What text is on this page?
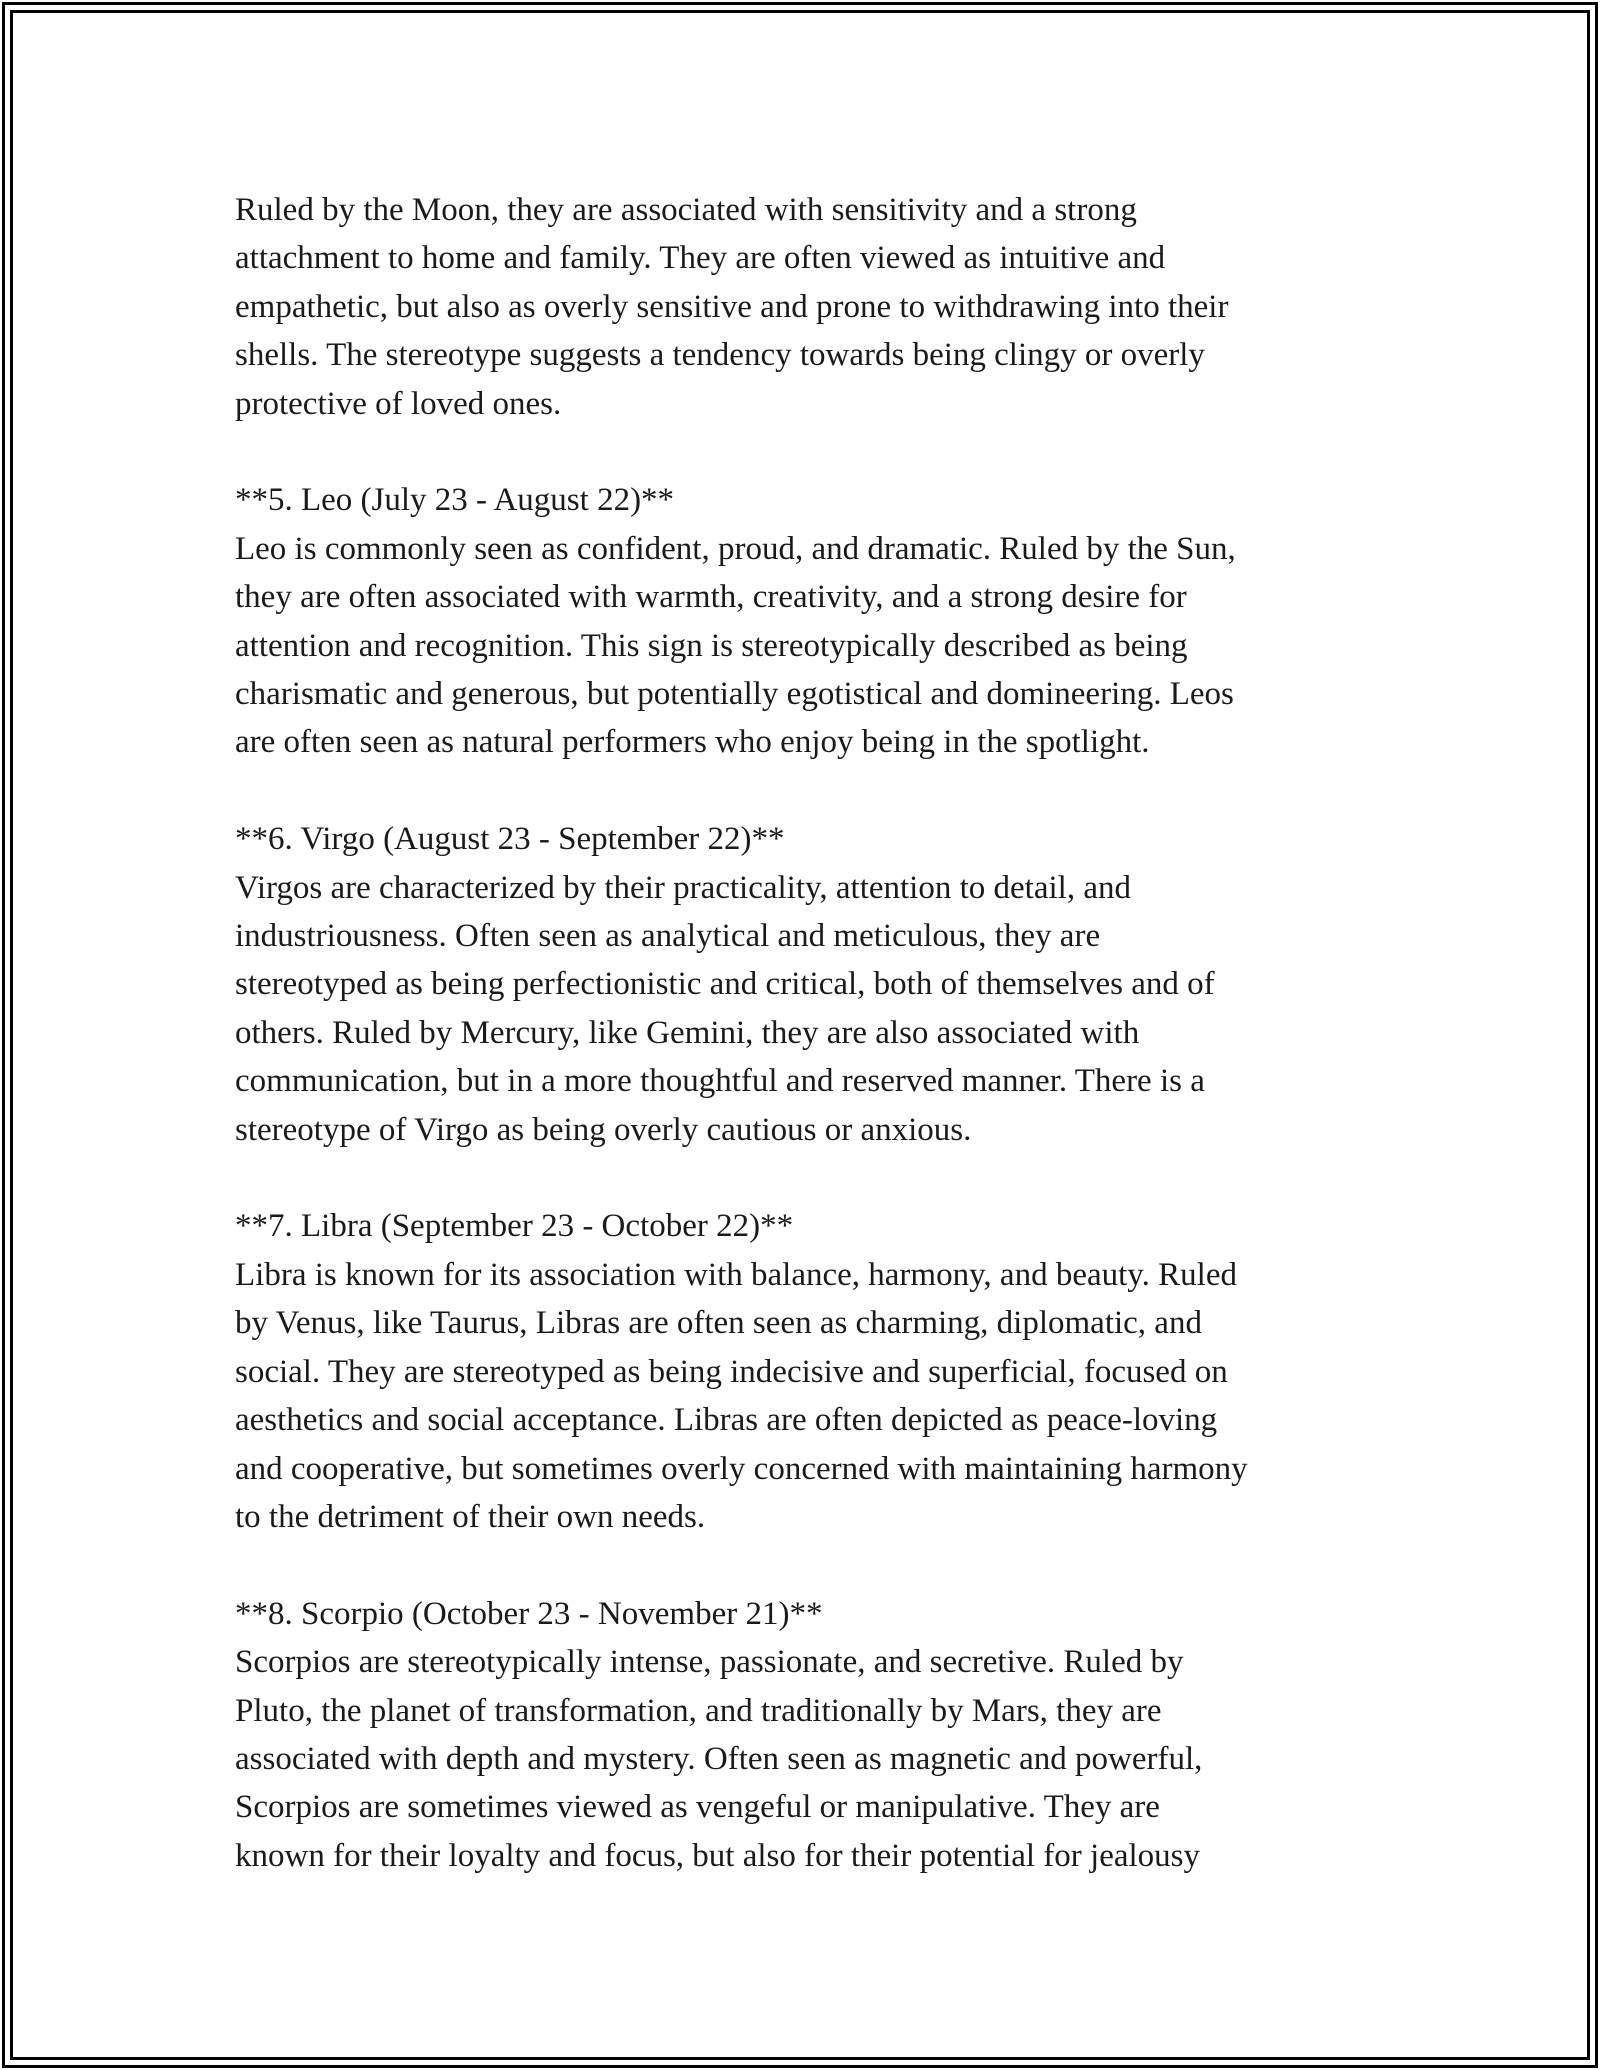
Ruled by the Moon, they are associated with sensitivity and a strong
attachment to home and family. They are often viewed as intuitive and
empathetic, but also as overly sensitive and prone to withdrawing into their
shells. The stereotype suggests a tendency towards being clingy or overly
protective of loved ones.

**5. Leo (July 23 - August 22)**

Leo is commonly seen as confident, proud, and dramatic. Ruled by the Sun,
they are often associated with warmth, creativity, and a strong desire for
attention and recognition. This sign is stereotypically described as being
charismatic and generous, but potentially egotistical and domineering. Leos
are often seen as natural performers who enjoy being in the spotlight.

**6. Virgo (August 23 - September 22)**

Virgos are characterized by their practicality, attention to detail, and
industriousness. Often seen as analytical and meticulous, they are
stereotyped as being perfectionistic and critical, both of themselves and of
others. Ruled by Mercury, like Gemini, they are also associated with
communication, but in a more thoughtful and reserved manner. There is a
stereotype of Virgo as being overly cautious or anxious.

**7. Libra (September 23 - October 22)**

Libra is known for its association with balance, harmony, and beauty. Ruled
by Venus, like Taurus, Libras are often seen as charming, diplomatic, and
social. They are stereotyped as being indecisive and superficial, focused on
aesthetics and social acceptance. Libras are often depicted as peace-loving
and cooperative, but sometimes overly concerned with maintaining harmony
to the detriment of their own needs.

**8. Scorpio (October 23 - November 21)**

Scorpios are stereotypically intense, passionate, and secretive. Ruled by
Pluto, the planet of transformation, and traditionally by Mars, they are
associated with depth and mystery. Often seen as magnetic and powerful,
Scorpios are sometimes viewed as vengeful or manipulative. They are
known for their loyalty and focus, but also for their potential for jealousy
